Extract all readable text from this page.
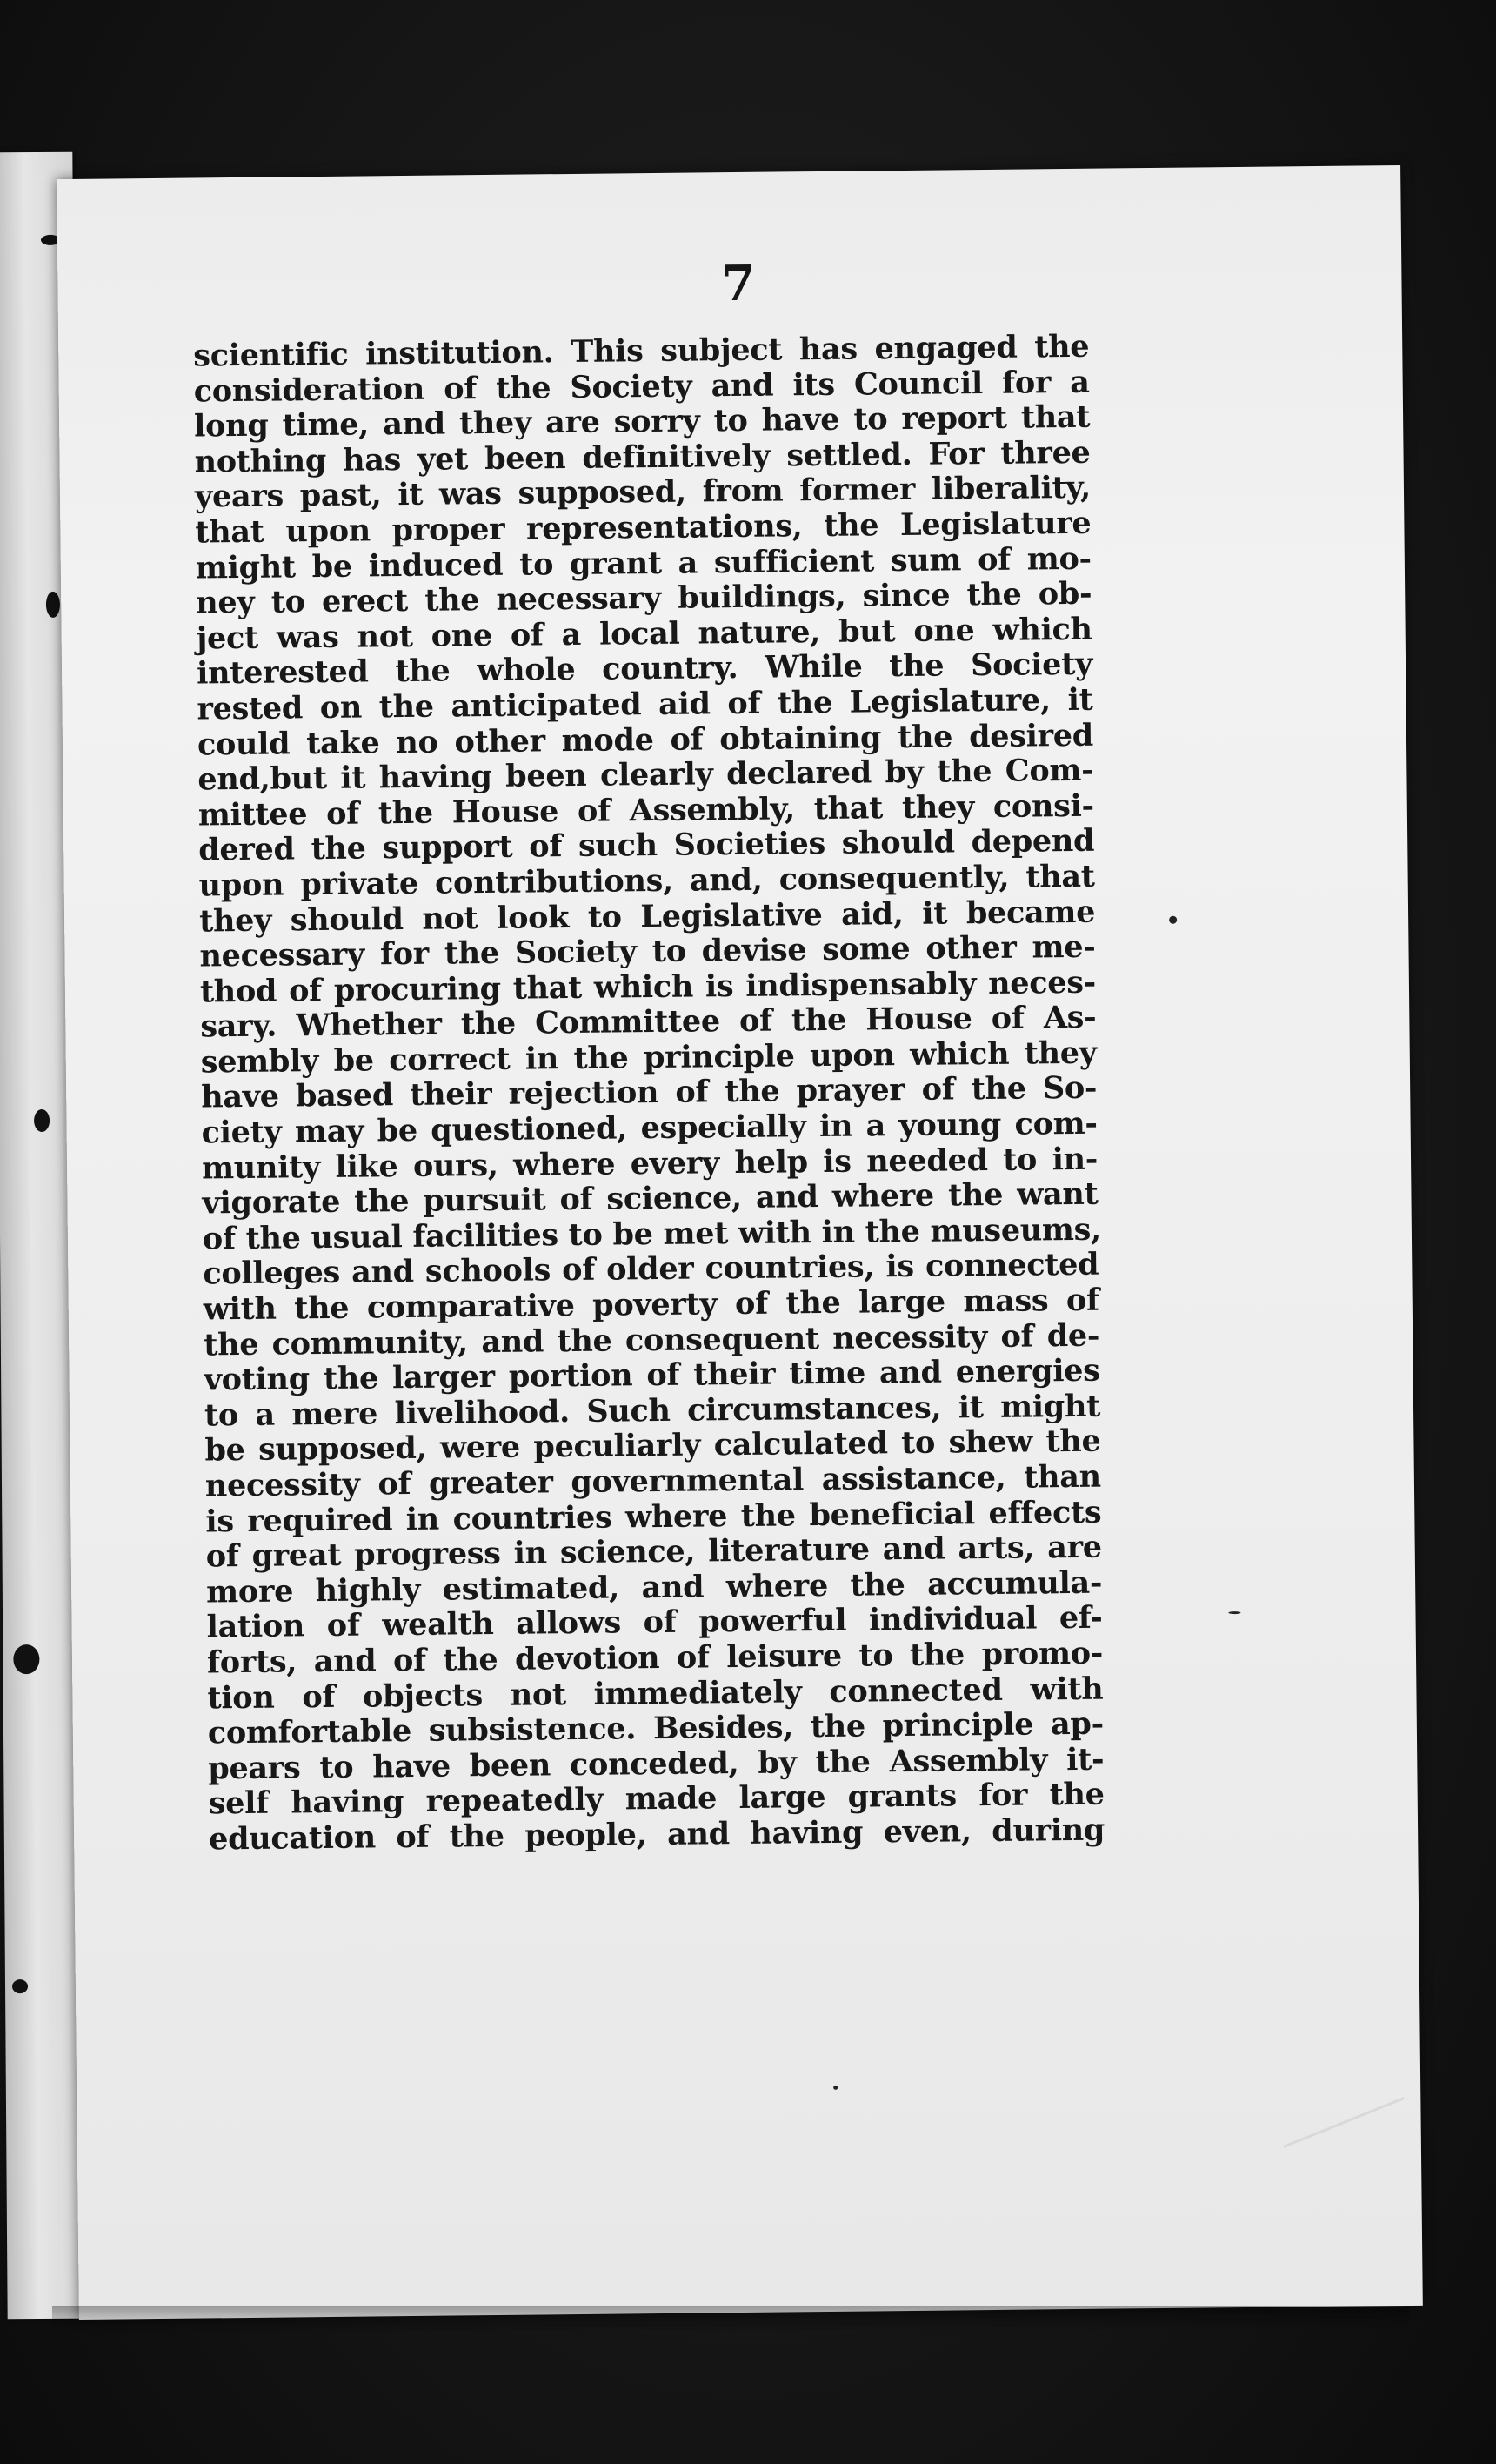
7
scientific institution. This subject has engaged the
consideration of the Society and its Council for a
long time, and they are sorry to have to report that
nothing has yet been definitively settled. For three
years past, it was supposed, from former liberality,
that upon proper representations, the Legislature
might be induced to grant a sufficient sum of mo-
ney to erect the necessary buildings, since the ob-
ject was not one of a local nature, but one which
interested the whole country. While the Society
rested on the anticipated aid of the Legislature, it
could take no other mode of obtaining the desired
end,but it having been clearly declared by the Com-
mittee of the House of Assembly, that they consi-
dered the support of such Societies should depend
upon private contributions, and, consequently, that
they should not look to Legislative aid, it became
necessary for the Society to devise some other me-
thod of procuring that which is indispensably neces-
sary. Whether the Committee of the House of As-
sembly be correct in the principle upon which they
have based their rejection of the prayer of the So-
ciety may be questioned, especially in a young com-
munity like ours, where every help is needed to in-
vigorate the pursuit of science, and where the want
of the usual facilities to be met with in the museums,
colleges and schools of older countries, is connected
with the comparative poverty of the large mass of
the community, and the consequent necessity of de-
voting the larger portion of their time and energies
to a mere livelihood. Such circumstances, it might
be supposed, were peculiarly calculated to shew the
necessity of greater governmental assistance, than
is required in countries where the beneficial effects
of great progress in science, literature and arts, are
more highly estimated, and where the accumula-
lation of wealth allows of powerful individual ef-
forts, and of the devotion of leisure to the promo-
tion of objects not immediately connected with
comfortable subsistence. Besides, the principle ap-
pears to have been conceded, by the Assembly it-
self having repeatedly made large grants for the
education of the people, and having even, during
